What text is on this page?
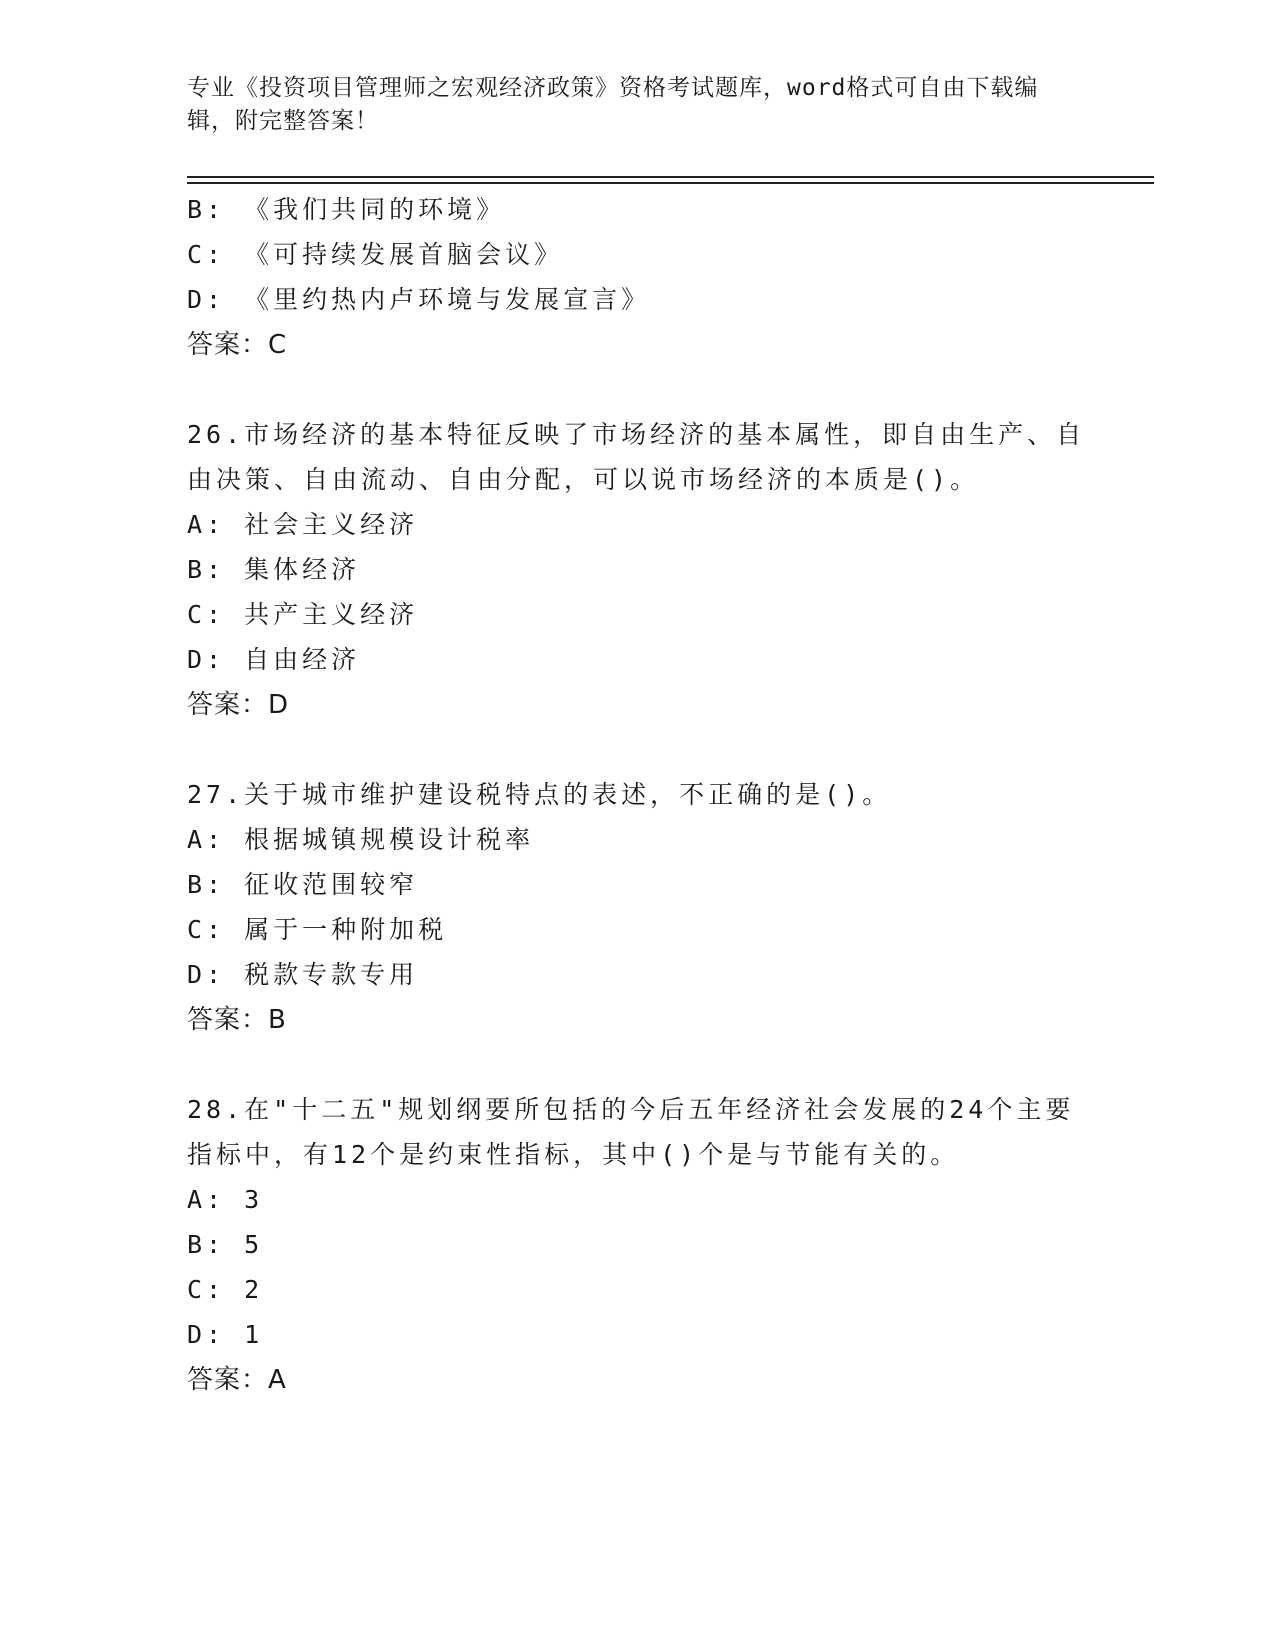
专业《投资项目管理师之宏观经济政策》资格考试题库，word格式可自由下载编
辑，附完整答案！
B: 《我们共同的环境》
C: 《可持续发展首脑会议》
D: 《里约热内卢环境与发展宣言》
答案：C
26.市场经济的基本特征反映了市场经济的基本属性，即自由生产、自
由决策、自由流动、自由分配，可以说市场经济的本质是()。
A: 社会主义经济
B: 集体经济
C: 共产主义经济
D: 自由经济
答案：D
27.关于城市维护建设税特点的表述，不正确的是()。
A: 根据城镇规模设计税率
B: 征收范围较窄
C: 属于一种附加税
D: 税款专款专用
答案：B
28.在"十二五"规划纲要所包括的今后五年经济社会发展的24个主要
指标中，有12个是约束性指标，其中()个是与节能有关的。
A: 3
B: 5
C: 2
D: 1
答案：A
